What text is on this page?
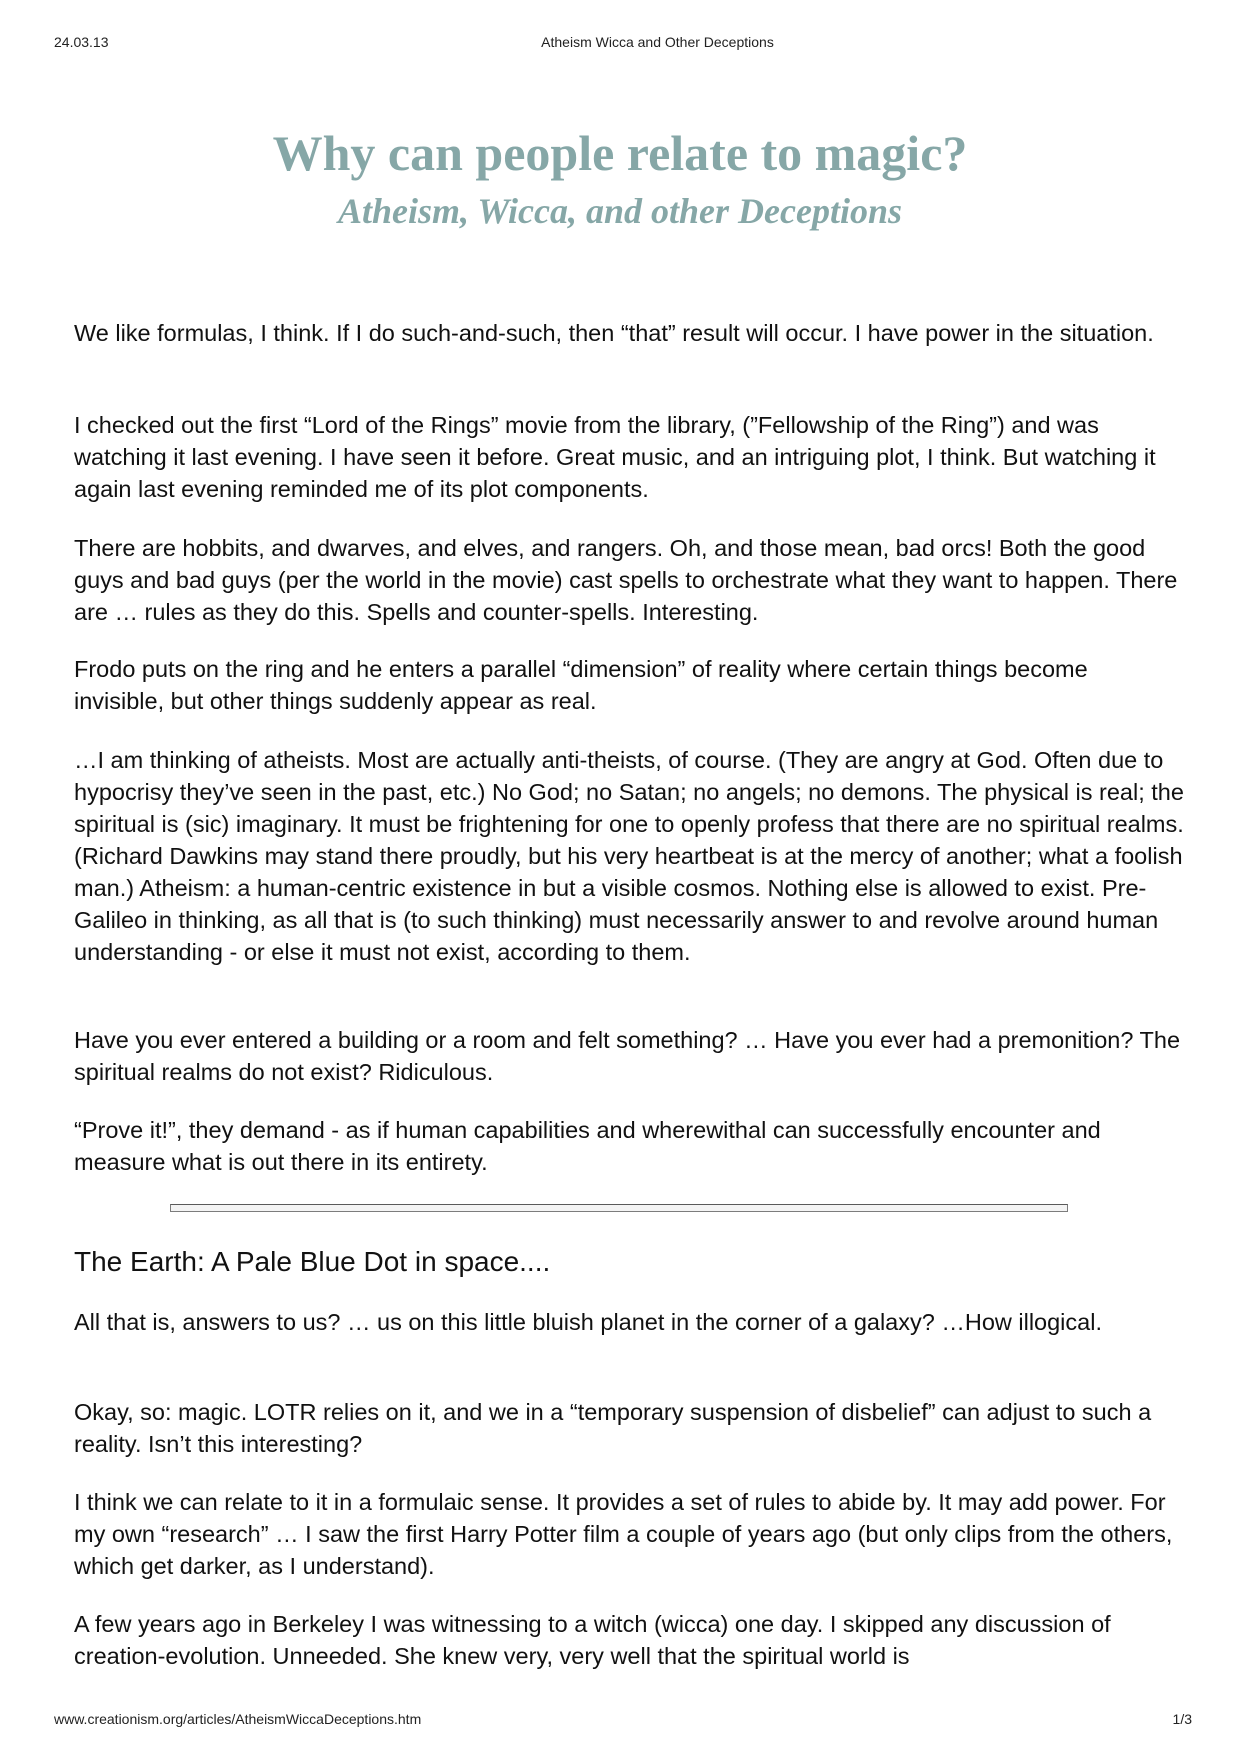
24.03.13	Atheism Wicca and Other Deceptions
Why can people relate to magic?
Atheism, Wicca, and other Deceptions

We like formulas, I think. If I do such-and-such, then “that” result will occur. I have power in the situation.

I checked out the first “Lord of the Rings” movie from the library, (”Fellowship of the Ring”) and was watching it last evening. I have seen it before. Great music, and an intriguing plot, I think. But watching it again last evening reminded me of its plot components.

There are hobbits, and dwarves, and elves, and rangers. Oh, and those mean, bad orcs! Both the good guys and bad guys (per the world in the movie) cast spells to orchestrate what they want to happen. There are … rules as they do this. Spells and counter-spells. Interesting.

Frodo puts on the ring and he enters a parallel “dimension” of reality where certain things become invisible, but other things suddenly appear as real.

…I am thinking of atheists. Most are actually anti-theists, of course. (They are angry at God. Often due to hypocrisy they’ve seen in the past, etc.) No God; no Satan; no angels; no demons. The physical is real; the spiritual is (sic) imaginary. It must be frightening for one to openly profess that there are no spiritual realms. (Richard Dawkins may stand there proudly, but his very heartbeat is at the mercy of another; what a foolish man.) Atheism: a human-centric existence in but a visible cosmos. Nothing else is allowed to exist. Pre-Galileo in thinking, as all that is (to such thinking) must necessarily answer to and revolve around human understanding - or else it must not exist, according to them.

Have you ever entered a building or a room and felt something? … Have you ever had a premonition? The spiritual realms do not exist? Ridiculous.

“Prove it!”, they demand - as if human capabilities and wherewithal can successfully encounter and measure what is out there in its entirety.

The Earth: A Pale Blue Dot in space....

All that is, answers to us? … us on this little bluish planet in the corner of a galaxy? …How illogical.

Okay, so: magic. LOTR relies on it, and we in a “temporary suspension of disbelief” can adjust to such a reality. Isn’t this interesting?

I think we can relate to it in a formulaic sense. It provides a set of rules to abide by. It may add power. For my own “research” … I saw the first Harry Potter film a couple of years ago (but only clips from the others, which get darker, as I understand).

A few years ago in Berkeley I was witnessing to a witch (wicca) one day. I skipped any discussion of creation-evolution. Unneeded. She knew very, very well that the spiritual world is

www.creationism.org/articles/AtheismWiccaDeceptions.htm	1/3
